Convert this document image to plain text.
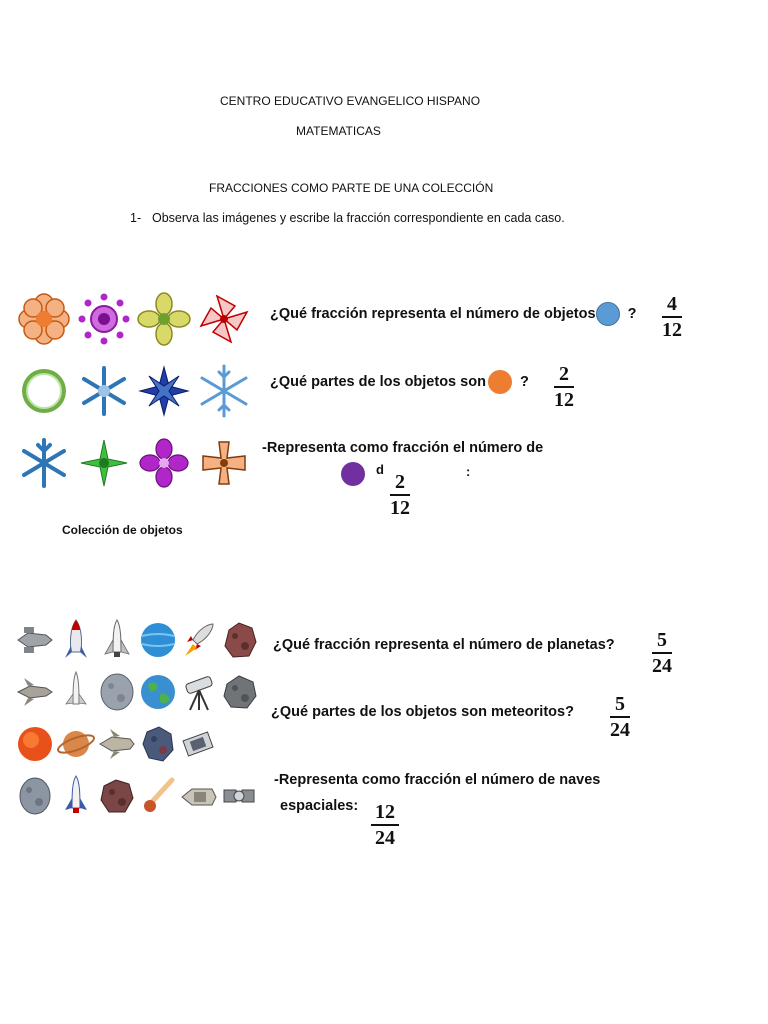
CENTRO EDUCATIVO EVANGELICO HISPANO
MATEMATICAS
FRACCIONES COMO PARTE DE UNA COLECCIÓN
1- Observa las imágenes y escribe la fracción correspondiente en cada caso.
Colección de objetos
¿Qué fracción representa el número de objetos ? $\frac{4}{12}$
¿Qué partes de los objetos son ? $\frac{2}{12}$
-Representa como fracción el número de
d	:
$\frac{2}{12}$
¿Qué fracción representa el número de planetas? $\frac{5}{24}$
¿Qué partes de los objetos son meteoritos? $\frac{5}{24}$
-Representa como fracción el número de naves
espaciales: $\frac{12}{24}$
